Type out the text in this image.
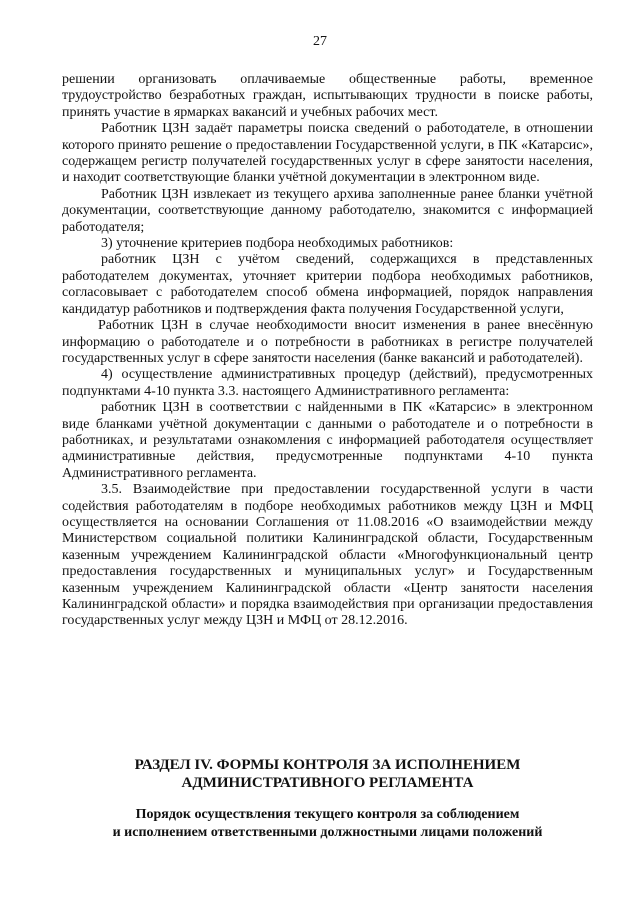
27

решении организовать оплачиваемые общественные работы, временное трудоустройство безработных граждан, испытывающих трудности в поиске работы, принять участие в ярмарках вакансий и учебных рабочих мест.

Работник ЦЗН задаёт параметры поиска сведений о работодателе, в отношении которого принято решение о предоставлении Государственной услуги, в ПК «Катарсис», содержащем регистр получателей государственных услуг в сфере занятости населения, и находит соответствующие бланки учётной документации в электронном виде.

Работник ЦЗН извлекает из текущего архива заполненные ранее бланки учётной документации, соответствующие данному работодателю, знакомится с информацией работодателя;

3) уточнение критериев подбора необходимых работников:

работник ЦЗН с учётом сведений, содержащихся в представленных работодателем документах, уточняет критерии подбора необходимых работников, согласовывает с работодателем способ обмена информацией, порядок направления кандидатур работников и подтверждения факта получения Государственной услуги,

Работник ЦЗН в случае необходимости вносит изменения в ранее внесённую информацию о работодателе и о потребности в работниках в регистре получателей государственных услуг в сфере занятости населения (банке вакансий и работодателей).

4) осуществление административных процедур (действий), предусмотренных подпунктами 4-10 пункта 3.3. настоящего Административного регламента:

работник ЦЗН в соответствии с найденными в ПК «Катарсис» в электронном виде бланками учётной документации с данными о работодателе и о потребности в работниках, и результатами ознакомления с информацией работодателя осуществляет административные действия, предусмотренные подпунктами 4-10 пункта Административного регламента.

3.5. Взаимодействие при предоставлении государственной услуги в части содействия работодателям в подборе необходимых работников между ЦЗН и МФЦ осуществляется на основании Соглашения от 11.08.2016 «О взаимодействии между Министерством социальной политики Калининградской области, Государственным казенным учреждением Калининградской области «Многофункциональный центр предоставления государственных и муниципальных услуг» и Государственным казенным учреждением Калининградской области «Центр занятости населения Калининградской области» и порядка взаимодействия при организации предоставления государственных услуг между ЦЗН и МФЦ от 28.12.2016.

РАЗДЕЛ IV. ФОРМЫ КОНТРОЛЯ ЗА ИСПОЛНЕНИЕМ
АДМИНИСТРАТИВНОГО РЕГЛАМЕНТА
Порядок осуществления текущего контроля за соблюдением
и исполнением ответственными должностными лицами положений
